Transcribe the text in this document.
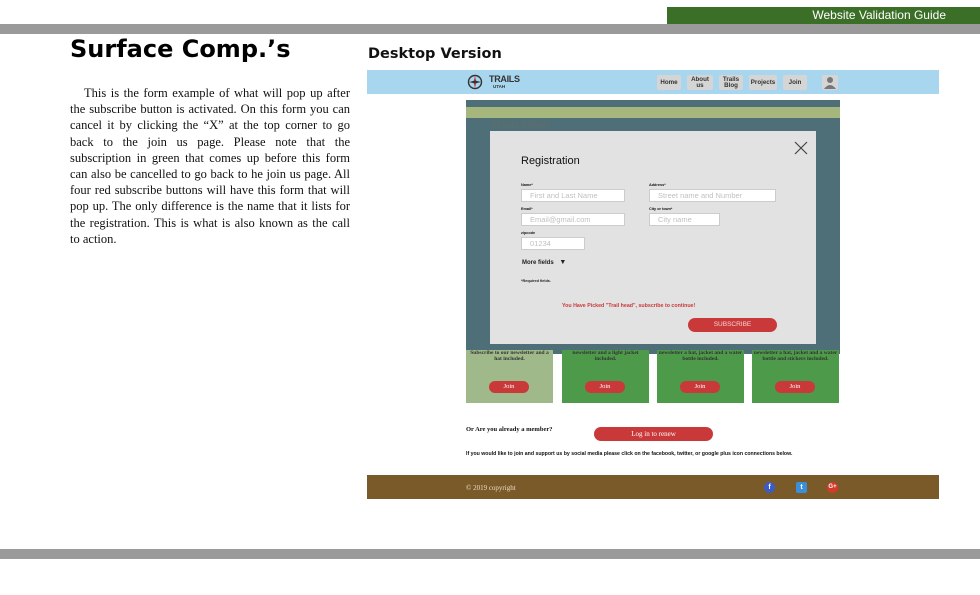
Website Validation Guide
Surface Comp.’s

This is the form example of what will pop up after the subscribe button is activated. On this form you can cancel it by clicking the “X” at the top corner to go back to the join us page. Please note that the subscription in green that comes up before this form can also be cancelled to go back to he join us page. All four red subscribe buttons will have this form that will pop up. The only difference is the name that it lists for the registration. This is what is also known as the call to action.

Desktop Version
TRAILS
UTAH
Home	About us
Trails Blog	Projects	Join
Trails Utah
Subscribe to our newsletter and a hat included.
Join
newsletter and a light jacket included.
Join
newsletter a hat, jacket and a water bottle included.
Join
newsletter a hat, jacket and a water bottle and stickers included.
Join
Registration
Name*
First and Last Name
Address*
Street name and Number
Email*
Email@gmail.com
City or town*
City name
zipcode
01234
More fields ▼
*Required fields.
You Have Picked "Trail head", subscribe to continue!
SUBSCRIBE
Or Are you already a member?
Log in to renew
If you would like to join and support us by social media please click on the facebook, twitter, or google plus icon connections below.
© 2019 copyright	f	t	G+
